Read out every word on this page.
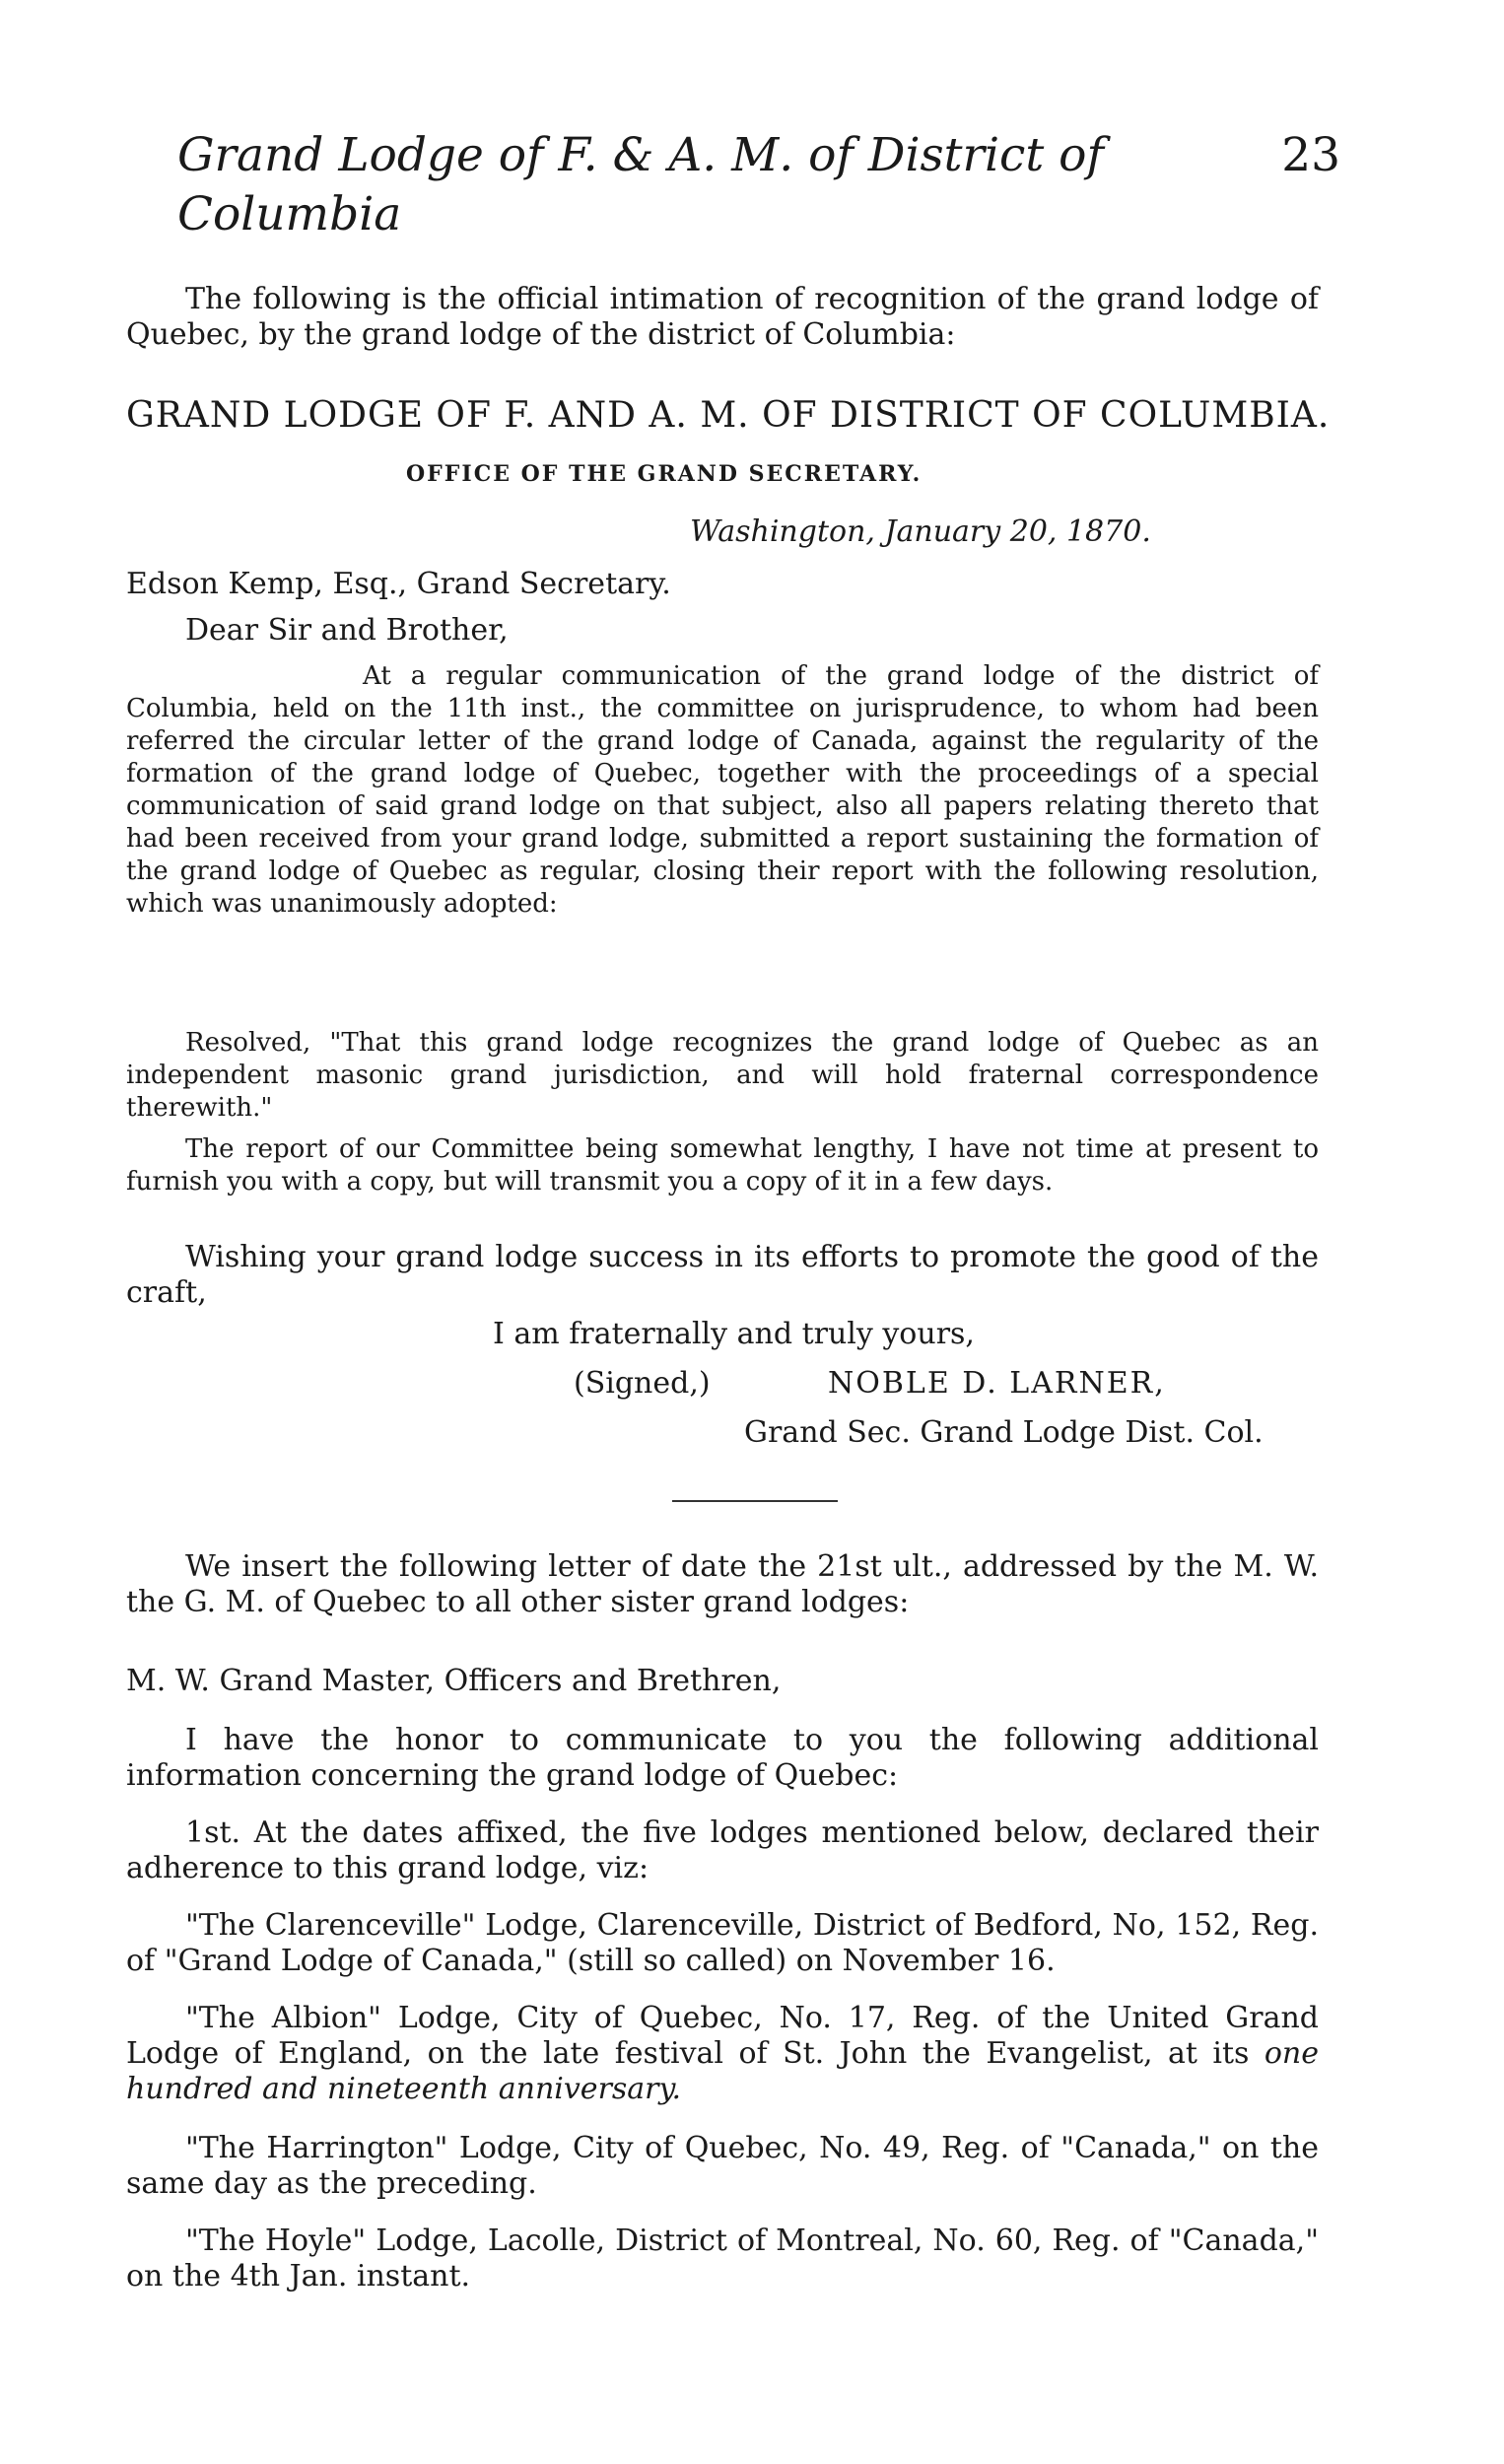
Grand Lodge of F. & A. M. of District of Columbia
23

The following is the official intimation of recognition of the grand lodge of Quebec, by the grand lodge of the district of Columbia:

GRAND LODGE OF F. AND A. M. OF DISTRICT OF COLUMBIA.
OFFICE OF THE GRAND SECRETARY.
Washington, January 20, 1870.
Edson Kemp, Esq., Grand Secretary.
Dear Sir and Brother,

At a regular communication of the grand lodge of the district of Columbia, held on the 11th inst., the committee on jurisprudence, to whom had been referred the circular letter of the grand lodge of Canada, against the regularity of the formation of the grand lodge of Quebec, together with the proceedings of a special communication of said grand lodge on that subject, also all papers relating thereto that had been received from your grand lodge, submitted a report sustaining the formation of the grand lodge of Quebec as regular, closing their report with the following resolution, which was unanimously adopted:

Resolved, "That this grand lodge recognizes the grand lodge of Quebec as an independent masonic grand jurisdiction, and will hold fraternal correspondence therewith."

The report of our Committee being somewhat lengthy, I have not time at present to furnish you with a copy, but will transmit you a copy of it in a few days.

Wishing your grand lodge success in its efforts to promote the good of the craft,

I am fraternally and truly yours,
(Signed,)	NOBLE D. LARNER,
Grand Sec. Grand Lodge Dist. Col.

We insert the following letter of date the 21st ult., addressed by the M. W. the G. M. of Quebec to all other sister grand lodges:

M. W. Grand Master, Officers and Brethren,

I have the honor to communicate to you the following additional information concerning the grand lodge of Quebec:

1st. At the dates affixed, the five lodges mentioned below, declared their adherence to this grand lodge, viz:

"The Clarenceville" Lodge, Clarenceville, District of Bedford, No, 152, Reg. of "Grand Lodge of Canada," (still so called) on November 16.

"The Albion" Lodge, City of Quebec, No. 17, Reg. of the United Grand Lodge of England, on the late festival of St. John the Evangelist, at its one hundred and nineteenth anniversary.

"The Harrington" Lodge, City of Quebec, No. 49, Reg. of "Canada," on the same day as the preceding.

"The Hoyle" Lodge, Lacolle, District of Montreal, No. 60, Reg. of "Canada," on the 4th Jan. instant.
